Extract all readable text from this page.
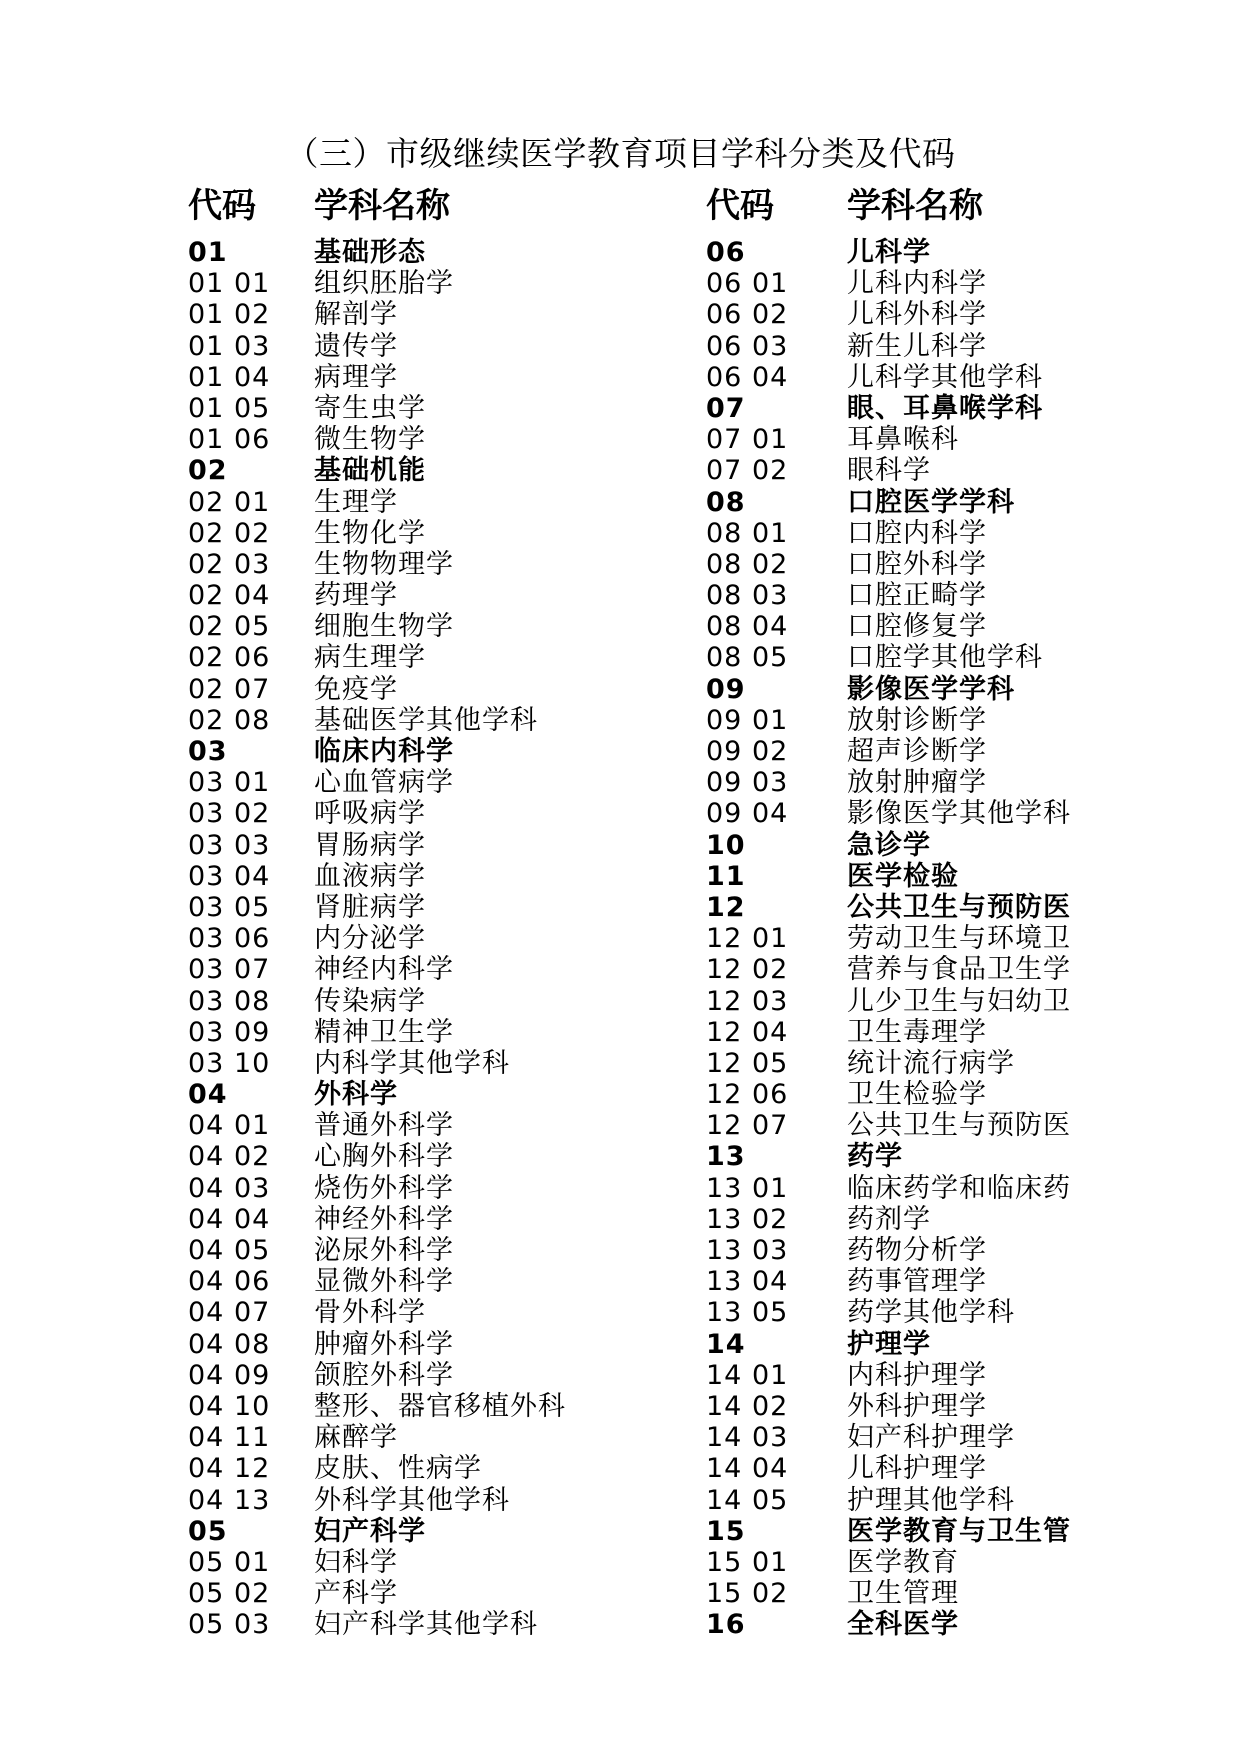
（三）市级继续医学教育项目学科分类及代码
代码 学科名称	代码 学科名称
01	基础形态
01 01	组织胚胎学
01 02	解剖学
01 03	遗传学
01 04	病理学
01 05	寄生虫学
01 06	微生物学
02	基础机能
02 01	生理学
02 02	生物化学
02 03	生物物理学
02 04	药理学
02 05	细胞生物学
02 06	病生理学
02 07	免疫学
02 08	基础医学其他学科
03	临床内科学
03 01	心血管病学
03 02	呼吸病学
03 03	胃肠病学
03 04	血液病学
03 05	肾脏病学
03 06	内分泌学
03 07	神经内科学
03 08	传染病学
03 09	精神卫生学
03 10	内科学其他学科
04	外科学
04 01	普通外科学
04 02	心胸外科学
04 03	烧伤外科学
04 04	神经外科学
04 05	泌尿外科学
04 06	显微外科学
04 07	骨外科学
04 08	肿瘤外科学
04 09	颌腔外科学
04 10	整形、器官移植外科
04 11	麻醉学
04 12	皮肤、性病学
04 13	外科学其他学科
05	妇产科学
05 01	妇科学
05 02	产科学
05 03	妇产科学其他学科
06	儿科学
06 01	儿科内科学
06 02	儿科外科学
06 03	新生儿科学
06 04	儿科学其他学科
07	眼、耳鼻喉学科
07 01	耳鼻喉科
07 02	眼科学
08	口腔医学学科
08 01	口腔内科学
08 02	口腔外科学
08 03	口腔正畸学
08 04	口腔修复学
08 05	口腔学其他学科
09	影像医学学科
09 01	放射诊断学
09 02	超声诊断学
09 03	放射肿瘤学
09 04	影像医学其他学科
10	急诊学
11	医学检验
12	公共卫生与预防医
12 01	劳动卫生与环境卫
12 02	营养与食品卫生学
12 03	儿少卫生与妇幼卫
12 04	卫生毒理学
12 05	统计流行病学
12 06	卫生检验学
12 07	公共卫生与预防医
13	药学
13 01	临床药学和临床药
13 02	药剂学
13 03	药物分析学
13 04	药事管理学
13 05	药学其他学科
14	护理学
14 01	内科护理学
14 02	外科护理学
14 03	妇产科护理学
14 04	儿科护理学
14 05	护理其他学科
15	医学教育与卫生管
15 01	医学教育
15 02	卫生管理
16	全科医学
